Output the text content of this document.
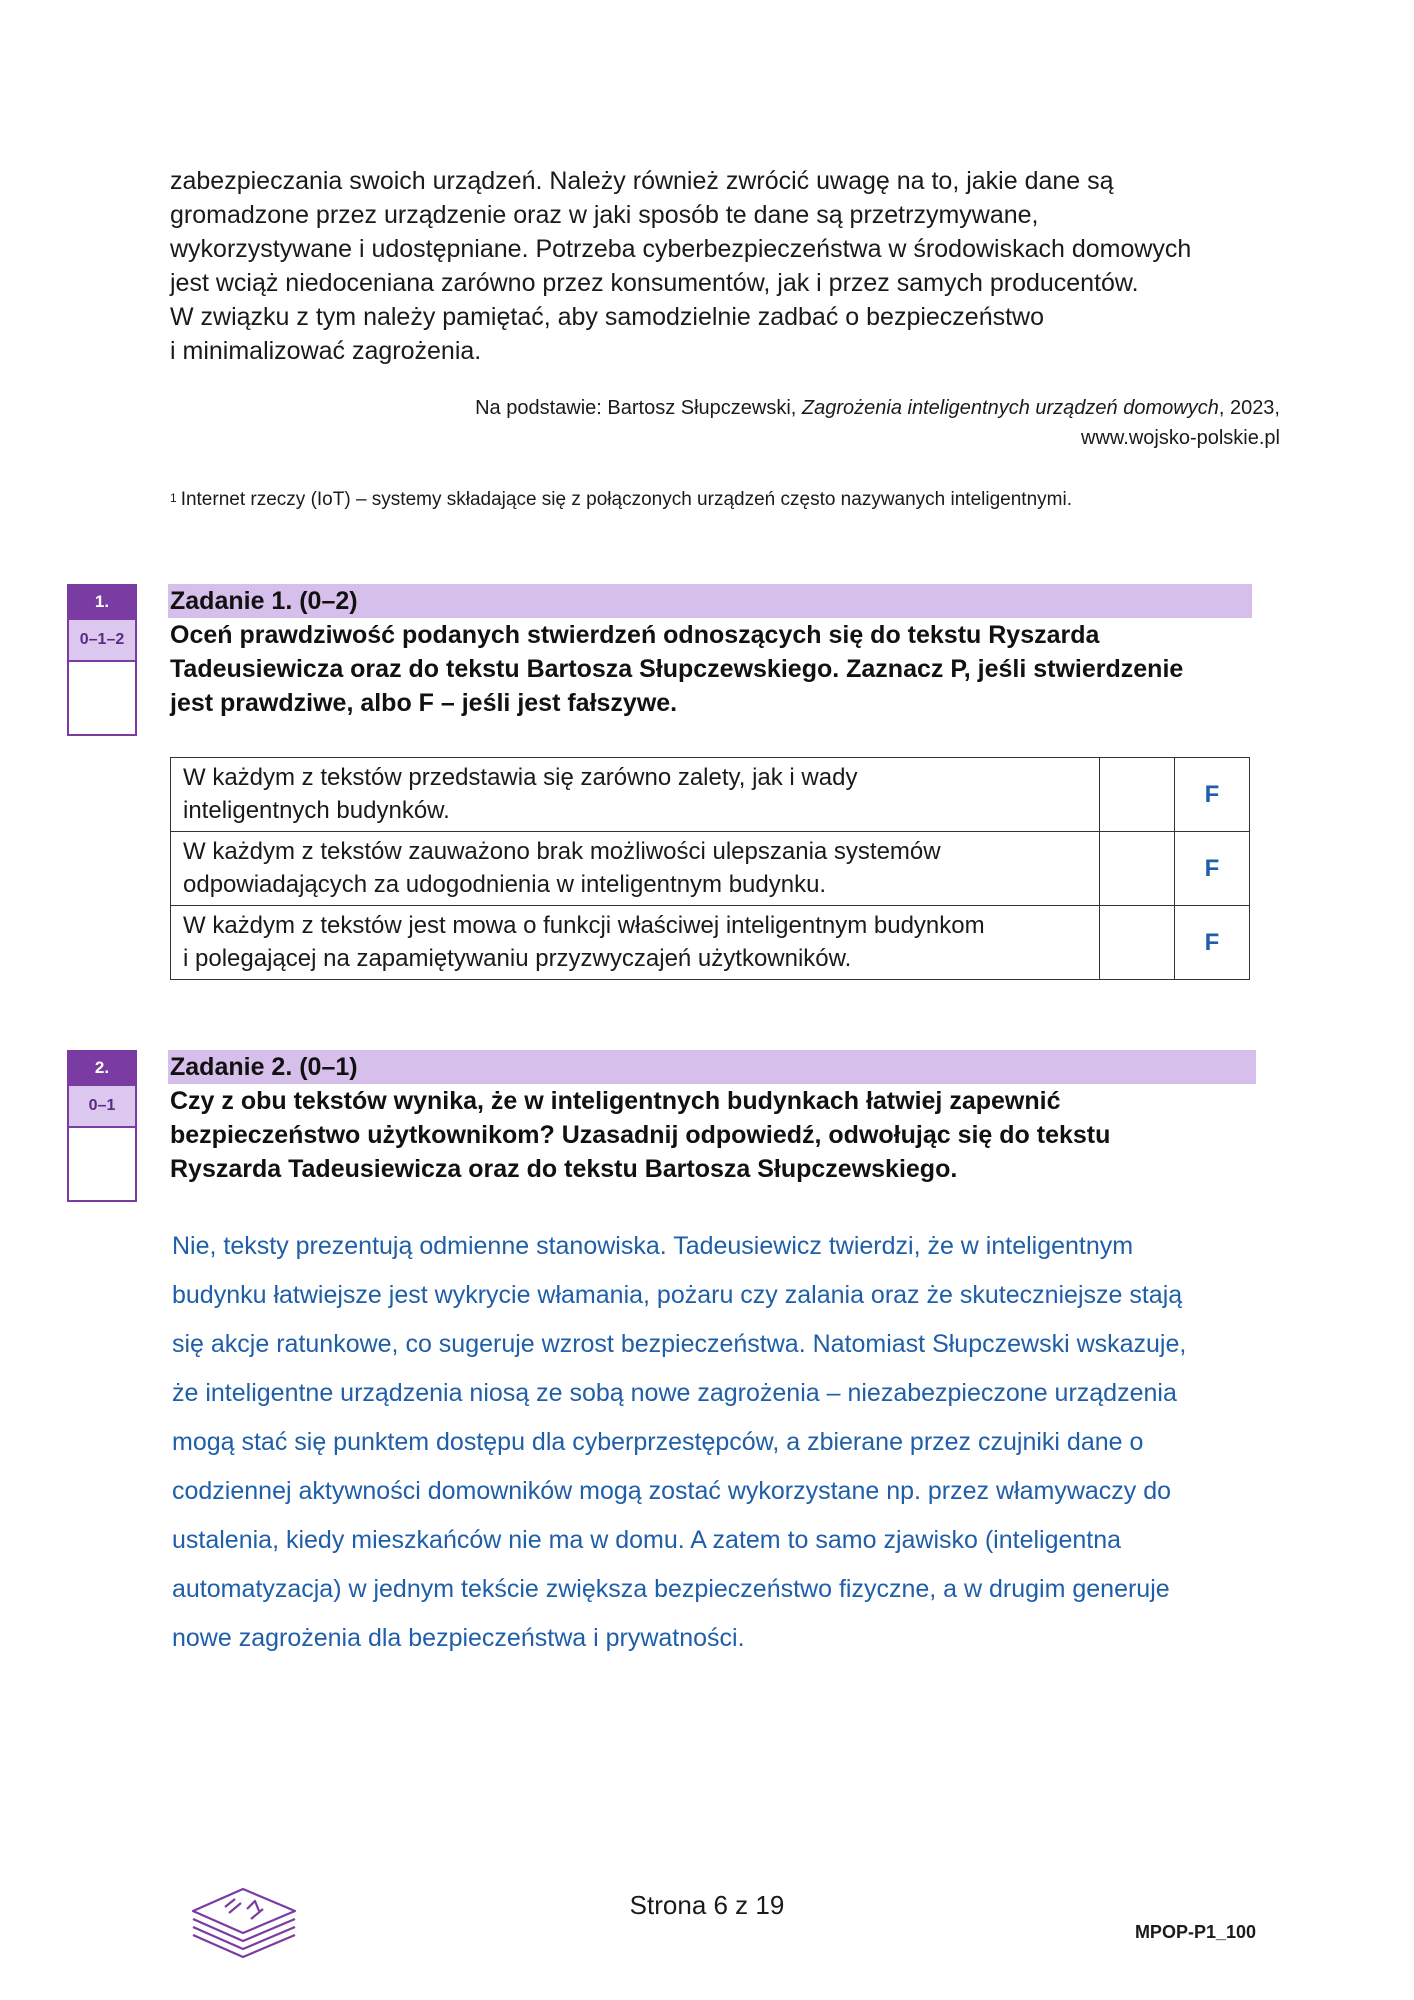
zabezpieczania swoich urządzeń. Należy również zwrócić uwagę na to, jakie dane są

gromadzone przez urządzenie oraz w jaki sposób te dane są przetrzymywane,

wykorzystywane i udostępniane. Potrzeba cyberbezpieczeństwa w środowiskach domowych

jest wciąż niedoceniana zarówno przez konsumentów, jak i przez samych producentów.

W związku z tym należy pamiętać, aby samodzielnie zadbać o bezpieczeństwo

i minimalizować zagrożenia.

Na podstawie: Bartosz Słupczewski, Zagrożenia inteligentnych urządzeń domowych, 2023,
www.wojsko-polskie.pl
$^1$ Internet rzeczy (IoT) – systemy składające się z połączonych urządzeń często nazywanych inteligentnymi.
1.
0–1–2
Zadanie 1. (0–2)
Oceń prawdziwość podanych stwierdzeń odnoszących się do tekstu Ryszarda
Tadeusiewicza oraz do tekstu Bartosza Słupczewskiego. Zaznacz P, jeśli stwierdzenie
jest prawdziwe, albo F – jeśli jest fałszywe.
W każdym z tekstów przedstawia się zarówno zalety, jak i wady
inteligentnych budynków.		F

W każdym z tekstów zauważono brak możliwości ulepszania systemów
odpowiadających za udogodnienia w inteligentnym budynku.		F

W każdym z tekstów jest mowa o funkcji właściwej inteligentnym budynkom
i polegającej na zapamiętywaniu przyzwyczajeń użytkowników.		F
2.
0–1
Zadanie 2. (0–1)
Czy z obu tekstów wynika, że w inteligentnych budynkach łatwiej zapewnić
bezpieczeństwo użytkownikom? Uzasadnij odpowiedź, odwołując się do tekstu
Ryszarda Tadeusiewicza oraz do tekstu Bartosza Słupczewskiego.
Nie, teksty prezentują odmienne stanowiska. Tadeusiewicz twierdzi, że w inteligentnym
budynku łatwiejsze jest wykrycie włamania, pożaru czy zalania oraz że skuteczniejsze stają
się akcje ratunkowe, co sugeruje wzrost bezpieczeństwa. Natomiast Słupczewski wskazuje,
że inteligentne urządzenia niosą ze sobą nowe zagrożenia – niezabezpieczone urządzenia
mogą stać się punktem dostępu dla cyberprzestępców, a zbierane przez czujniki dane o
codziennej aktywności domowników mogą zostać wykorzystane np. przez włamywaczy do
ustalenia, kiedy mieszkańców nie ma w domu. A zatem to samo zjawisko (inteligentna
automatyzacja) w jednym tekście zwiększa bezpieczeństwo fizyczne, a w drugim generuje
nowe zagrożenia dla bezpieczeństwa i prywatności.
Strona 6 z 19
MPOP-P1_100
